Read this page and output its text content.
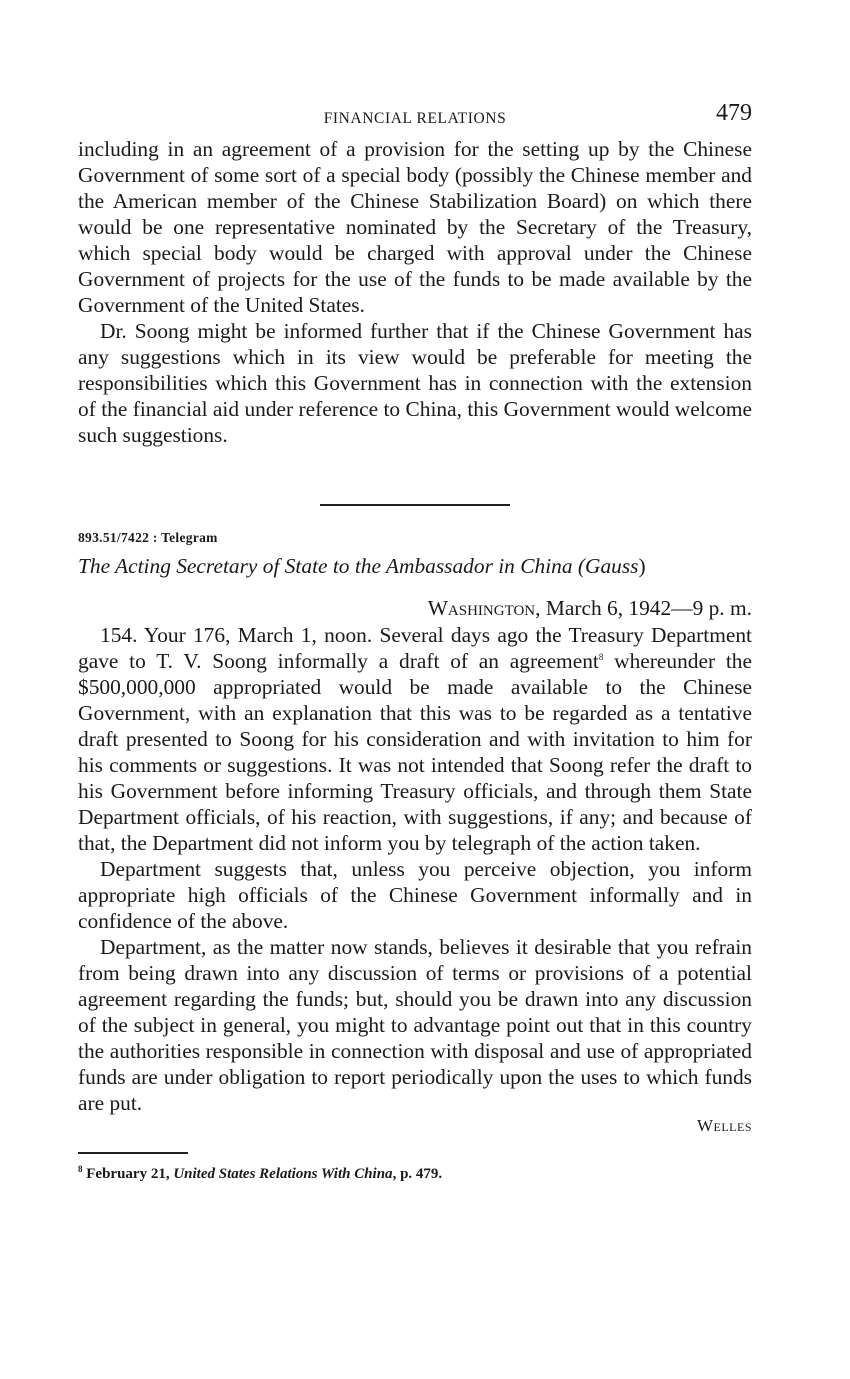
FINANCIAL RELATIONS	479

including in an agreement of a provision for the setting up by the Chinese Government of some sort of a special body (possibly the Chinese member and the American member of the Chinese Stabilization Board) on which there would be one representative nominated by the Secretary of the Treasury, which special body would be charged with approval under the Chinese Government of projects for the use of the funds to be made available by the Government of the United States.

Dr. Soong might be informed further that if the Chinese Government has any suggestions which in its view would be preferable for meeting the responsibilities which this Government has in connection with the extension of the financial aid under reference to China, this Government would welcome such suggestions.

893.51/7422 : Telegram
The Acting Secretary of State to the Ambassador in China (Gauss)
Washington, March 6, 1942—9 p. m.

154. Your 176, March 1, noon. Several days ago the Treasury Department gave to T. V. Soong informally a draft of an agreement$^8$ whereunder the $500,000,000 appropriated would be made available to the Chinese Government, with an explanation that this was to be regarded as a tentative draft presented to Soong for his consideration and with invitation to him for his comments or suggestions. It was not intended that Soong refer the draft to his Government before informing Treasury officials, and through them State Department officials, of his reaction, with suggestions, if any; and because of that, the Department did not inform you by telegraph of the action taken.

Department suggests that, unless you perceive objection, you inform appropriate high officials of the Chinese Government informally and in confidence of the above.

Department, as the matter now stands, believes it desirable that you refrain from being drawn into any discussion of terms or provisions of a potential agreement regarding the funds; but, should you be drawn into any discussion of the subject in general, you might to advantage point out that in this country the authorities responsible in connection with disposal and use of appropriated funds are under obligation to report periodically upon the uses to which funds are put.

Welles
$^8$ February 21, United States Relations With China, p. 479.
